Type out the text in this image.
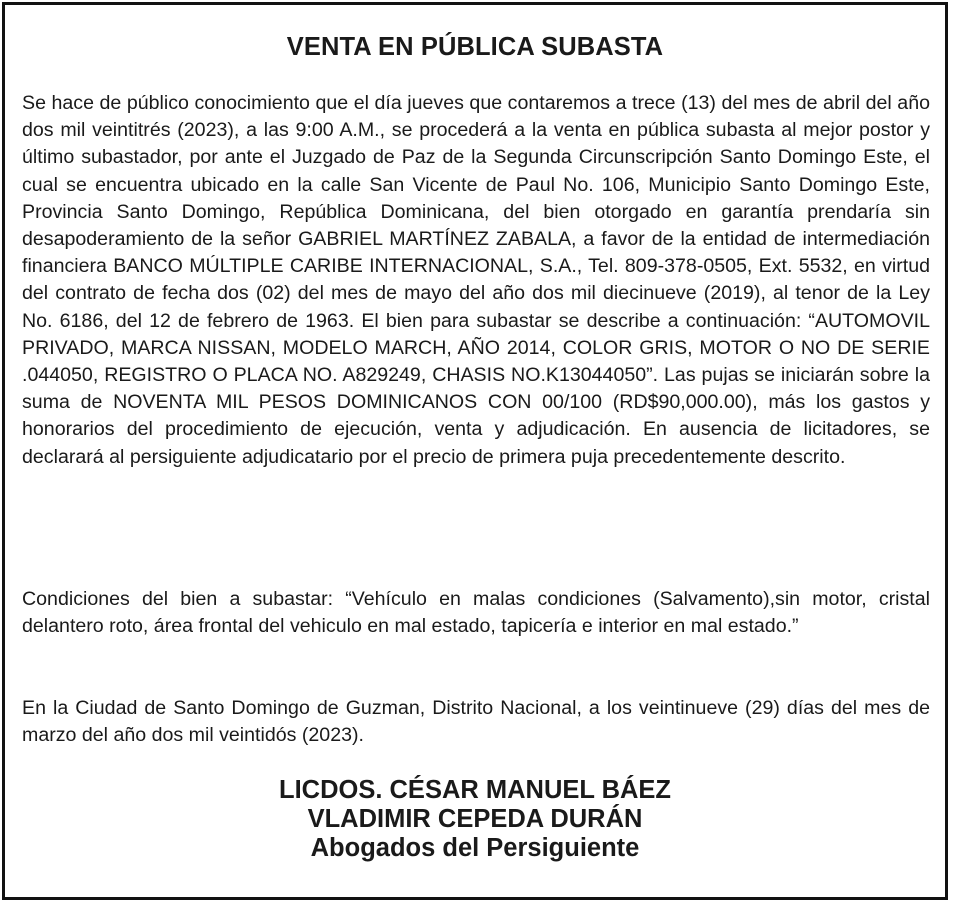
VENTA EN PÚBLICA SUBASTA

Se hace de público conocimiento que el día jueves que contaremos a trece (13) del mes de abril del año dos mil veintitrés (2023), a las 9:00 A.M., se procederá a la venta en pública subasta al mejor postor y último subastador, por ante el Juzgado de Paz de la Segunda Circunscripción Santo Domingo Este, el cual se encuentra ubicado en la calle San Vicente de Paul No. 106, Municipio Santo Domingo Este, Provincia Santo Domingo, República Dominicana, del bien otorgado en garantía prendaría sin desapoderamiento de la señor GABRIEL MARTÍNEZ ZABALA, a favor de la entidad de intermediación financiera BANCO MÚLTIPLE CARIBE INTERNACIONAL, S.A., Tel. 809-378-0505, Ext. 5532, en virtud del contrato de fecha dos (02) del mes de mayo del año dos mil diecinueve (2019), al tenor de la Ley No. 6186, del 12 de febrero de 1963. El bien para subastar se describe a continuación: “AUTOMOVIL PRIVADO, MARCA NISSAN, MODELO MARCH, AÑO 2014, COLOR GRIS, MOTOR O NO DE SERIE .044050, REGISTRO O PLACA NO. A829249, CHASIS NO.K13044050”. Las pujas se iniciarán sobre la suma de NOVENTA MIL PESOS DOMINICANOS CON 00/100 (RD$90,000.00), más los gastos y honorarios del procedimiento de ejecución, venta y adjudicación. En ausencia de licitadores, se declarará al persiguiente adjudicatario por el precio de primera puja precedentemente descrito.

Condiciones del bien a subastar: “Vehículo en malas condiciones (Salvamento),sin motor, cristal delantero roto, área frontal del vehiculo en mal estado, tapicería e interior en mal estado.”

En la Ciudad de Santo Domingo de Guzman, Distrito Nacional, a los veintinueve (29) días del mes de marzo del año dos mil veintidós (2023).

LICDOS. CÉSAR MANUEL BÁEZ
VLADIMIR CEPEDA DURÁN
Abogados del Persiguiente
